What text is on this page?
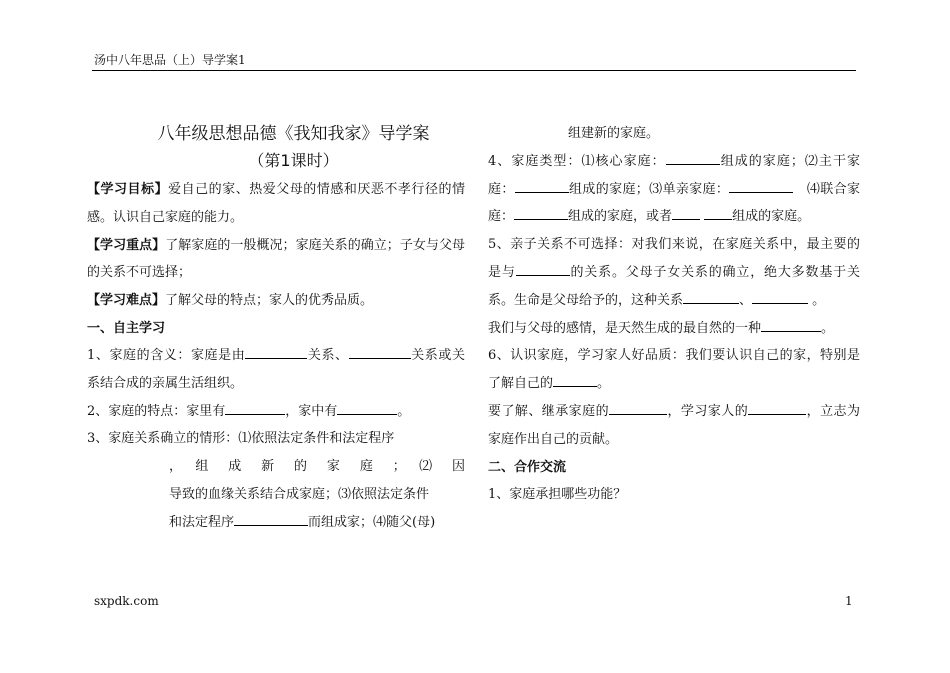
汤中八年思品（上）导学案1
八年级思想品德《我知我家》导学案
（第1课时）

【学习目标】爱自己的家、热爱父母的情感和厌恶不孝行径的情感。认识自己家庭的能力。

【学习重点】了解家庭的一般概况；家庭关系的确立；子女与父母的关系不可选择；

【学习难点】了解父母的特点；家人的优秀品质。

一、自主学习

1、家庭的含义：家庭是由	关系、	关系或关系结合成的亲属生活组织。

2、家庭的特点：家里有	，家中有	。

3、家庭关系确立的情形：⑴依照法定条件和法定程序

，　组　成　新　的　家　庭　；　⑵　因

导致的血缘关系结合成家庭；⑶依照法定条件

和法定程序	而组成家；⑷随父(母)

组建新的家庭。

4、家庭类型：⑴核心家庭：	组成的家庭；⑵主干家庭：	组成的家庭；⑶单亲家庭：　	⑷联合家庭：	组成的家庭，或者	组成的家庭。

5、亲子关系不可选择：对我们来说，在家庭关系中，最主要的是与	的关系。父母子女关系的确立，绝大多数基于关系。生命是父母给予的，这种关系	、	。

我们与父母的感情，是天然生成的最自然的一种	。

6、认识家庭，学习家人好品质：我们要认识自己的家，特别是了解自己的	。

要了解、继承家庭的	，学习家人的	，立志为家庭作出自己的贡献。

二、合作交流

1、家庭承担哪些功能？

sxpdk.com	1
